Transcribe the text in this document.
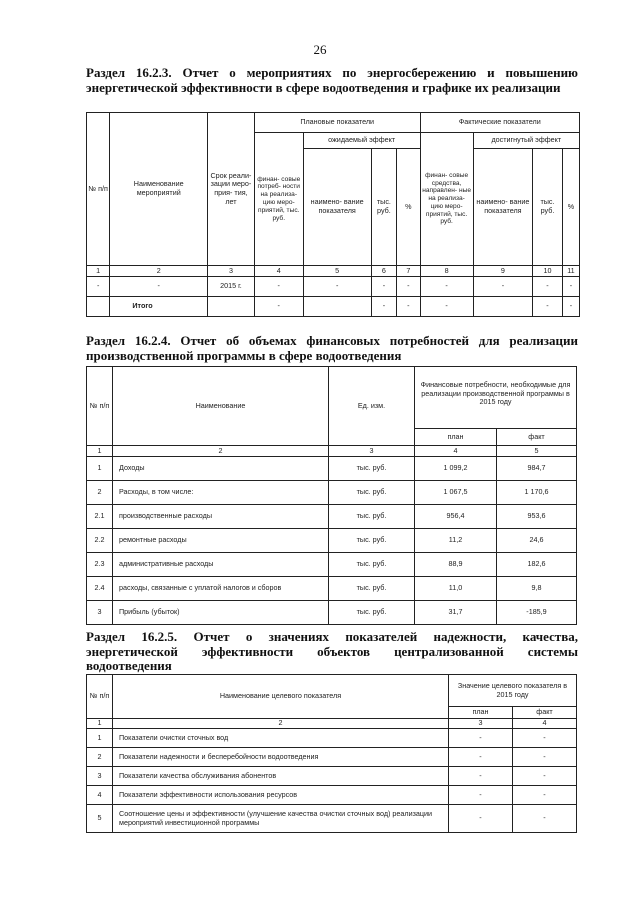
26
Раздел 16.2.3. Отчет о мероприятиях по энергосбережению и повышению энергетической эффективности в сфере водоотведения и графике их реализации
№ п/п	Наименование мероприятий	Срок реали- зации меро- прия- тия, лет	Плановые показатели				Фактические показатели			
			финан- совые потреб- ности на реализа- цию меро- приятий, тыс. руб.	ожидаемый эффект			финан- совые средства, направлен- ные на реализа- цию меро- приятий, тыс. руб.	достигнутый эффект		
				наимено- вание показателя	тыс. руб.	%		наимено- вание показателя	тыс. руб.	%
1	2	3	4	5	6	7	8	9	10	11
-	-	2015 г.	-	-	-	-	-	-	-	-
	Итого		-		-	-	-		-	-
Раздел 16.2.4. Отчет об объемах финансовых потребностей для реализации производственной программы в сфере водоотведения
№ п/п	Наименование	Ед. изм.	Финансовые потребности, необходимые для реализации производственной программы в 2015 году	
			план	факт
1	2	3	4	5
1	Доходы	тыс. руб.	1 099,2	984,7
2	Расходы, в том числе:	тыс. руб.	1 067,5	1 170,6
2.1	производственные расходы	тыс. руб.	956,4	953,6
2.2	ремонтные расходы	тыс. руб.	11,2	24,6
2.3	административные расходы	тыс. руб.	88,9	182,6
2.4	расходы, связанные с уплатой налогов и сборов	тыс. руб.	11,0	9,8
3	Прибыль (убыток)	тыс. руб.	31,7	-185,9
Раздел 16.2.5. Отчет о значениях показателей надежности, качества, энергетической эффективности объектов централизованной системы водоотведения
№ п/п	Наименование целевого показателя	Значение целевого показателя в 2015 году	
		план	факт
1	2	3	4
1	Показатели очистки сточных вод	-	-
2	Показатели надежности и бесперебойности водоотведения	-	-
3	Показатели качества обслуживания абонентов	-	-
4	Показатели эффективности использования ресурсов	-	-
5	Соотношение цены и эффективности (улучшение качества очистки сточных вод) реализации мероприятий инвестиционной программы	-	-
